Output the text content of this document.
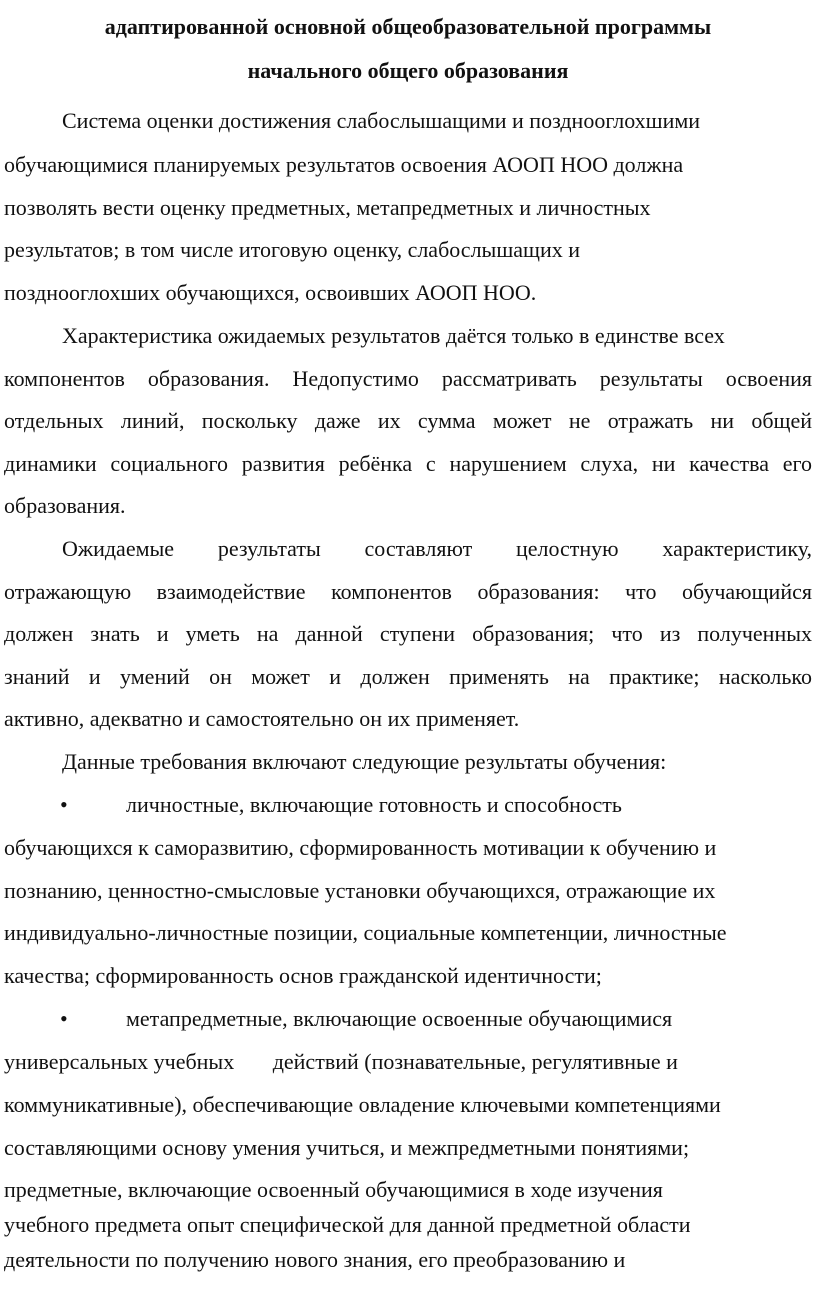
адаптированной основной общеобразовательной программы
начального общего образования
Система оценки достижения слабослышащими и позднооглохшими
обучающимися планируемых результатов освоения АООП НОО должна
позволять вести оценку предметных, метапредметных и личностных
результатов; в том числе итоговую оценку, слабослышащих и
позднооглохших обучающихся, освоивших АООП НОО.
Характеристика ожидаемых результатов даётся только в единстве всех
компонентов образования. Недопустимо рассматривать результаты освоения
отдельных линий, поскольку даже их сумма может не отражать ни общей
динамики социального развития ребёнка с нарушением слуха, ни качества его
образования.
Ожидаемые результаты составляют целостную характеристику,
отражающую взаимодействие компонентов образования: что обучающийся
должен знать и уметь на данной ступени образования; что из полученных
знаний и умений он может и должен применять на практике; насколько
активно, адекватно и самостоятельно он их применяет.
Данные требования включают следующие результаты обучения:
•	личностные, включающие готовность и способность
обучающихся к саморазвитию, сформированность мотивации к обучению и
познанию, ценностно-смысловые установки обучающихся, отражающие их
индивидуально-личностные позиции, социальные компетенции, личностные
качества; сформированность основ гражданской идентичности;
•	метапредметные, включающие освоенные обучающимися
универсальных учебных       действий (познавательные, регулятивные и
коммуникативные), обеспечивающие овладение ключевыми компетенциями
составляющими основу умения учиться, и межпредметными понятиями;
предметные, включающие освоенный обучающимися в ходе изучения
учебного предмета опыт специфической для данной предметной области
деятельности по получению нового знания, его преобразованию и
